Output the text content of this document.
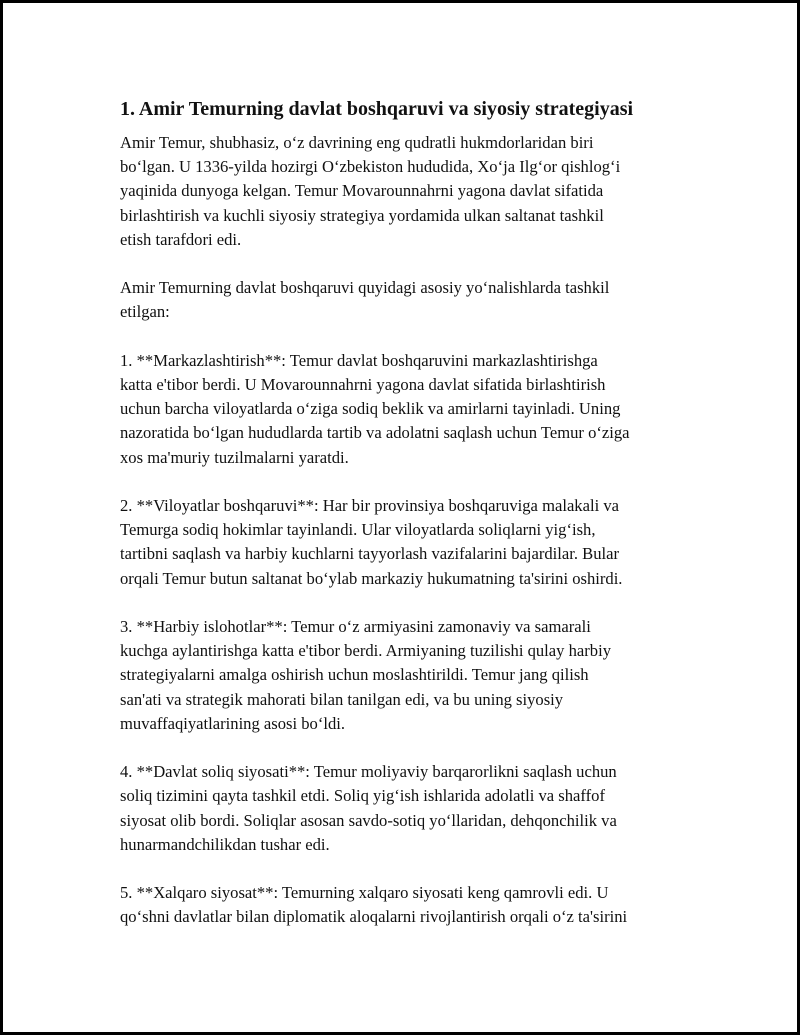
1. Amir Temurning davlat boshqaruvi va siyosiy strategiyasi

Amir Temur, shubhasiz, o‘z davrining eng qudratli hukmdorlaridan biri
bo‘lgan. U 1336-yilda hozirgi O‘zbekiston hududida, Xo‘ja Ilg‘or qishlog‘i
yaqinida dunyoga kelgan. Temur Movarounnahrni yagona davlat sifatida
birlashtirish va kuchli siyosiy strategiya yordamida ulkan saltanat tashkil
etish tarafdori edi.

Amir Temurning davlat boshqaruvi quyidagi asosiy yo‘nalishlarda tashkil
etilgan:

1. **Markazlashtirish**: Temur davlat boshqaruvini markazlashtirishga
katta e'tibor berdi. U Movarounnahrni yagona davlat sifatida birlashtirish
uchun barcha viloyatlarda o‘ziga sodiq beklik va amirlarni tayinladi. Uning
nazoratida bo‘lgan hududlarda tartib va adolatni saqlash uchun Temur o‘ziga
xos ma'muriy tuzilmalarni yaratdi.

2. **Viloyatlar boshqaruvi**: Har bir provinsiya boshqaruviga malakali va
Temurga sodiq hokimlar tayinlandi. Ular viloyatlarda soliqlarni yig‘ish,
tartibni saqlash va harbiy kuchlarni tayyorlash vazifalarini bajardilar. Bular
orqali Temur butun saltanat bo‘ylab markaziy hukumatning ta'sirini oshirdi.

3. **Harbiy islohotlar**: Temur o‘z armiyasini zamonaviy va samarali
kuchga aylantirishga katta e'tibor berdi. Armiyaning tuzilishi qulay harbiy
strategiyalarni amalga oshirish uchun moslashtirildi. Temur jang qilish
san'ati va strategik mahorati bilan tanilgan edi, va bu uning siyosiy
muvaffaqiyatlarining asosi bo‘ldi.

4. **Davlat soliq siyosati**: Temur moliyaviy barqarorlikni saqlash uchun
soliq tizimini qayta tashkil etdi. Soliq yig‘ish ishlarida adolatli va shaffof
siyosat olib bordi. Soliqlar asosan savdo-sotiq yo‘llaridan, dehqonchilik va
hunarmandchilikdan tushar edi.

5. **Xalqaro siyosat**: Temurning xalqaro siyosati keng qamrovli edi. U
qo‘shni davlatlar bilan diplomatik aloqalarni rivojlantirish orqali o‘z ta'sirini
